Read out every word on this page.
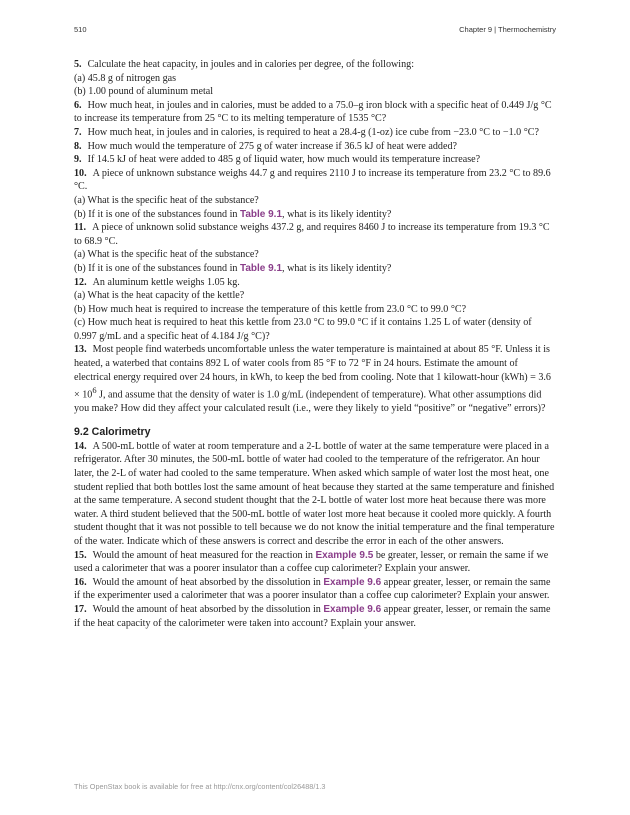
510	Chapter 9 | Thermochemistry

5. Calculate the heat capacity, in joules and in calories per degree, of the following:

(a) 45.8 g of nitrogen gas

(b) 1.00 pound of aluminum metal

6. How much heat, in joules and in calories, must be added to a 75.0–g iron block with a specific heat of 0.449 J/g °C to increase its temperature from 25 °C to its melting temperature of 1535 °C?

7. How much heat, in joules and in calories, is required to heat a 28.4-g (1-oz) ice cube from −23.0 °C to −1.0 °C?

8. How much would the temperature of 275 g of water increase if 36.5 kJ of heat were added?

9. If 14.5 kJ of heat were added to 485 g of liquid water, how much would its temperature increase?

10. A piece of unknown substance weighs 44.7 g and requires 2110 J to increase its temperature from 23.2 °C to 89.6 °C.

(a) What is the specific heat of the substance?

(b) If it is one of the substances found in Table 9.1, what is its likely identity?

11. A piece of unknown solid substance weighs 437.2 g, and requires 8460 J to increase its temperature from 19.3 °C to 68.9 °C.

(a) What is the specific heat of the substance?

(b) If it is one of the substances found in Table 9.1, what is its likely identity?

12. An aluminum kettle weighs 1.05 kg.

(a) What is the heat capacity of the kettle?

(b) How much heat is required to increase the temperature of this kettle from 23.0 °C to 99.0 °C?

(c) How much heat is required to heat this kettle from 23.0 °C to 99.0 °C if it contains 1.25 L of water (density of 0.997 g/mL and a specific heat of 4.184 J/g °C)?

13. Most people find waterbeds uncomfortable unless the water temperature is maintained at about 85 °F. Unless it is heated, a waterbed that contains 892 L of water cools from 85 °F to 72 °F in 24 hours. Estimate the amount of electrical energy required over 24 hours, in kWh, to keep the bed from cooling. Note that 1 kilowatt-hour $(kWh) = 3.6 \times 10^6$ J, and assume that the density of water is 1.0 g/mL (independent of temperature). What other assumptions did you make? How did they affect your calculated result (i.e., were they likely to yield “positive” or “negative” errors)?

9.2 Calorimetry

14. A 500-mL bottle of water at room temperature and a 2-L bottle of water at the same temperature were placed in a refrigerator. After 30 minutes, the 500-mL bottle of water had cooled to the temperature of the refrigerator. An hour later, the 2-L of water had cooled to the same temperature. When asked which sample of water lost the most heat, one student replied that both bottles lost the same amount of heat because they started at the same temperature and finished at the same temperature. A second student thought that the 2-L bottle of water lost more heat because there was more water. A third student believed that the 500-mL bottle of water lost more heat because it cooled more quickly. A fourth student thought that it was not possible to tell because we do not know the initial temperature and the final temperature of the water. Indicate which of these answers is correct and describe the error in each of the other answers.

15. Would the amount of heat measured for the reaction in Example 9.5 be greater, lesser, or remain the same if we used a calorimeter that was a poorer insulator than a coffee cup calorimeter? Explain your answer.

16. Would the amount of heat absorbed by the dissolution in Example 9.6 appear greater, lesser, or remain the same if the experimenter used a calorimeter that was a poorer insulator than a coffee cup calorimeter? Explain your answer.

17. Would the amount of heat absorbed by the dissolution in Example 9.6 appear greater, lesser, or remain the same if the heat capacity of the calorimeter were taken into account? Explain your answer.

This OpenStax book is available for free at http://cnx.org/content/col26488/1.3
